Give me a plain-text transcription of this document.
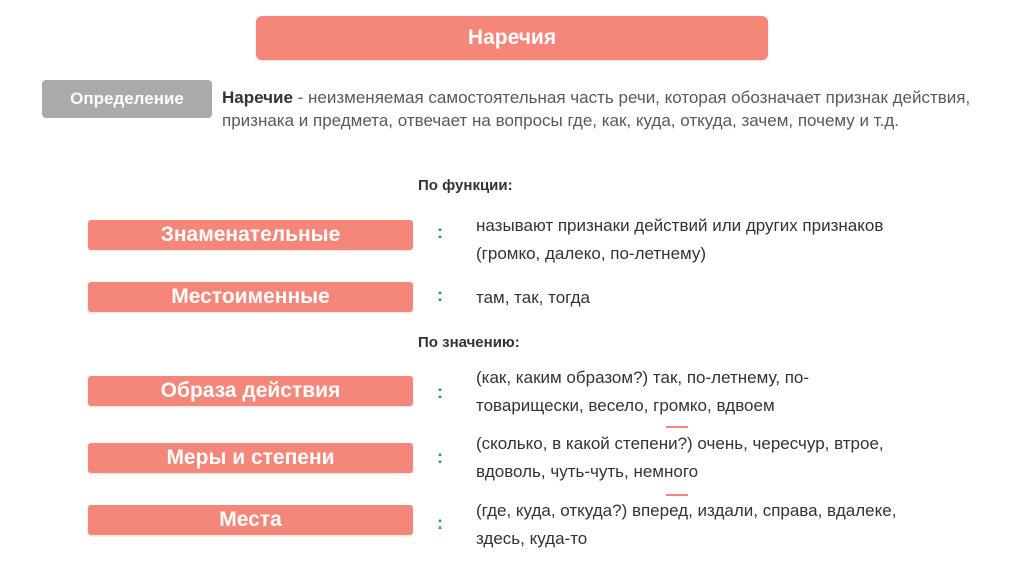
Наречия
Определение	Наречие - неизменяемая самостоятельная часть речи, которая обозначает признак действия, признака и предмета, отвечает на вопросы где, как, куда, откуда, зачем, почему и т.д.
По функции:
Знаменательные	: называют признаки действий или других признаков (громко, далеко, по-летнему)
Местоименные	: там, так, тогда
По значению:
Образа действия	:
(как, каким образом?) так, по-летнему, по-товарищески, весело, громко, вдвоем
Меры и степени	:
(сколько, в какой степени?) очень, чересчур, втрое, вдоволь, чуть-чуть, немного
Места	:
(где, куда, откуда?) вперед, издали, справа, вдалеке, здесь, куда-то
